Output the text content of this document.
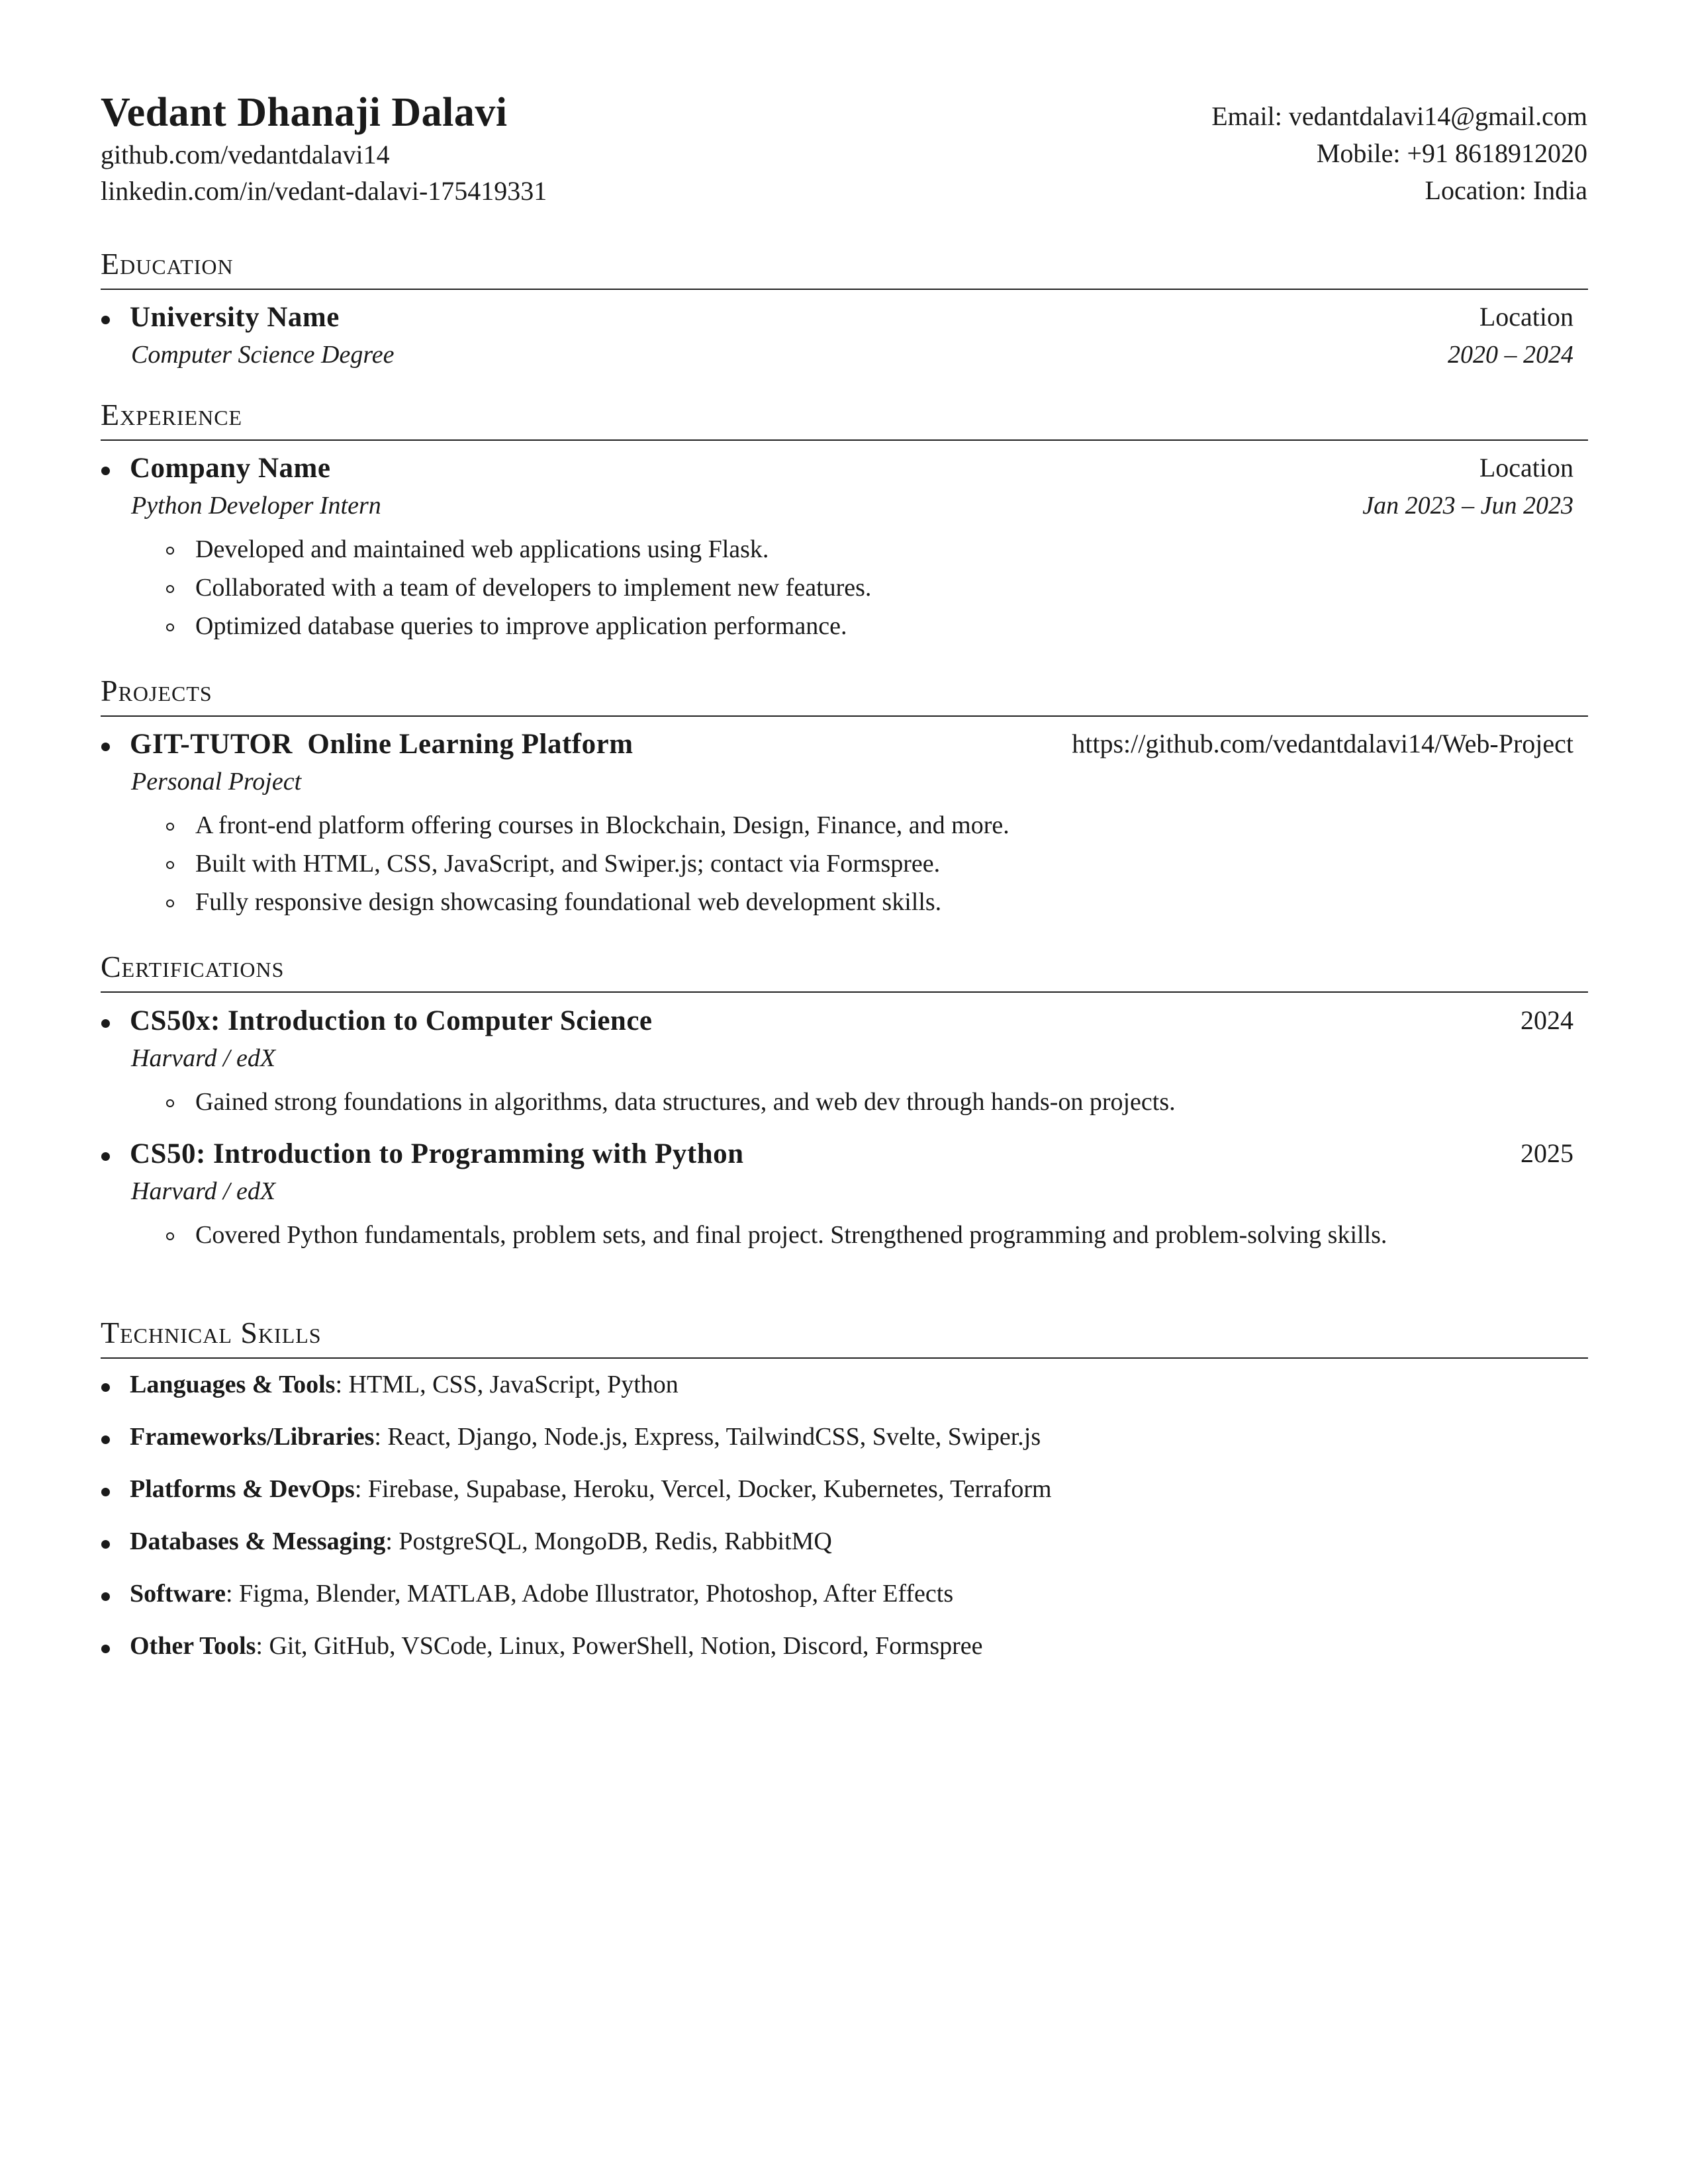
Vedant Dhanaji Dalavi
github.com/vedantdalavi14
linkedin.com/in/vedant-dalavi-175419331
Email: vedantdalavi14@gmail.com
Mobile: +91 8618912020
Location: India
Education
University Name	Location
Computer Science Degree	2020 – 2024
Experience
Company Name	Location
Python Developer Intern	Jan 2023 – Jun 2023
Developed and maintained web applications using Flask.
Collaborated with a team of developers to implement new features.
Optimized database queries to improve application performance.
Projects
GIT-TUTOR  Online Learning Platform	https://github.com/vedantdalavi14/Web-Project
Personal Project
A front-end platform offering courses in Blockchain, Design, Finance, and more.
Built with HTML, CSS, JavaScript, and Swiper.js; contact via Formspree.
Fully responsive design showcasing foundational web development skills.
Certifications
CS50x: Introduction to Computer Science	2024
Harvard / edX
Gained strong foundations in algorithms, data structures, and web dev through hands-on projects.
CS50: Introduction to Programming with Python	2025
Harvard / edX
Covered Python fundamentals, problem sets, and final project. Strengthened programming and problem-solving skills.
Technical Skills
Languages & Tools: HTML, CSS, JavaScript, Python
Frameworks/Libraries: React, Django, Node.js, Express, TailwindCSS, Svelte, Swiper.js
Platforms & DevOps: Firebase, Supabase, Heroku, Vercel, Docker, Kubernetes, Terraform
Databases & Messaging: PostgreSQL, MongoDB, Redis, RabbitMQ
Software: Figma, Blender, MATLAB, Adobe Illustrator, Photoshop, After Effects
Other Tools: Git, GitHub, VSCode, Linux, PowerShell, Notion, Discord, Formspree
